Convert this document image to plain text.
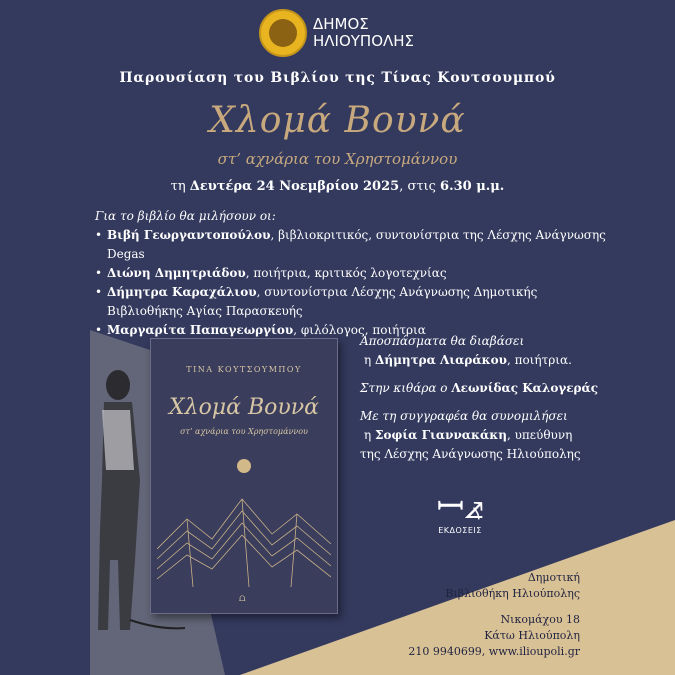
ΔΗΜΟΣ
ΗΛΙΟΥΠΟΛΗΣ
Παρουσίαση του Βιβλίου της Τίνας Κουτσουμπού
Χλομά Βουνά
στ’ αχνάρια του Χρηστομάννου
τη Δευτέρα 24 Νοεμβρίου 2025, στις 6.30 μ.μ.
Για το βιβλίο θα μιλήσουν οι:
• Βιβή Γεωργαντοπούλου, βιβλιοκριτικός, συντονίστρια της Λέσχης Ανάγνωσης Degas
• Διώνη Δημητριάδου, ποιήτρια, κριτικός λογοτεχνίας
• Δήμητρα Καραχάλιου, συντονίστρια Λέσχης Ανάγνωσης Δημοτικής Βιβλιοθήκης Αγίας Παρασκευής
• Μαργαρίτα Παπαγεωργίου, φιλόλογος, ποιήτρια
ΤΙΝΑ ΚΟΥΤΣΟΥΜΠΟΥ
Χλομά Βουνά
στ’ αχνάρια του Χρηστομάννου
⩍

Αποσπάσματα θα διαβάσει
η Δήμητρα Λιαράκου, ποιήτρια.

Στην κιθάρα ο Λεωνίδας Καλογεράς

Με τη συγγραφέα θα συνομιλήσει
η Σοφία Γιαννακάκη, υπεύθυνη
της Λέσχης Ανάγνωσης Ηλιούπολης

ꟷ⦨
ΕΚΔΟΣΕΙΣ
Δημοτική
Βιβλιοθήκη Ηλιούπολης
Νικομάχου 18
Κάτω Ηλιούπολη
210 9940699, www.ilioupoli.gr
